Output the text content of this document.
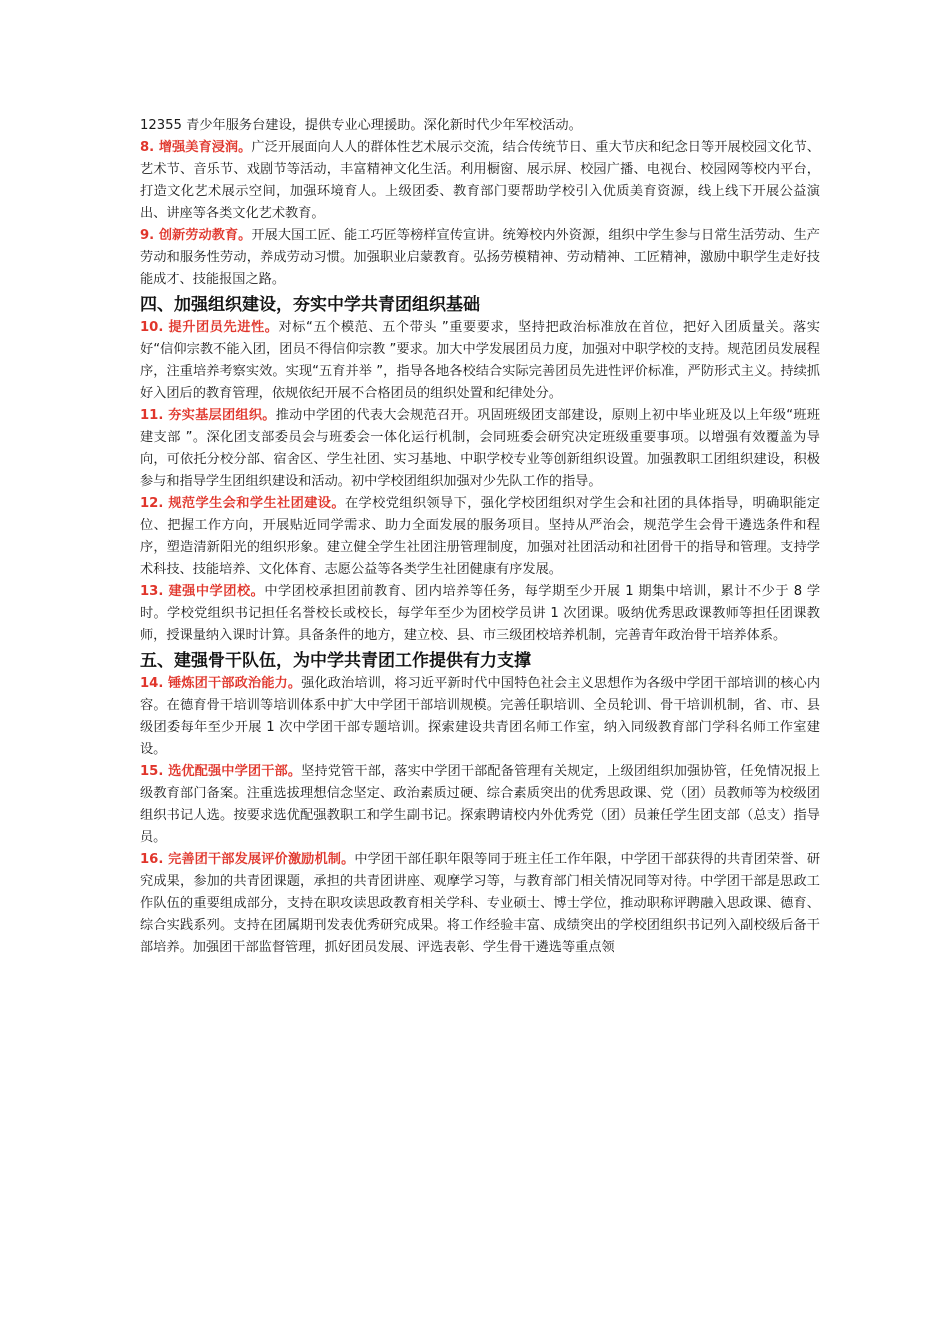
12355 青少年服务台建设，提供专业心理援助。深化新时代少年军校活动。

8. 增强美育浸润。广泛开展面向人人的群体性艺术展示交流，结合传统节日、重大节庆和纪念日等开展校园文化节、艺术节、音乐节、戏剧节等活动，丰富精神文化生活。利用橱窗、展示屏、校园广播、电视台、校园网等校内平台，打造文化艺术展示空间，加强环境育人。上级团委、教育部门要帮助学校引入优质美育资源，线上线下开展公益演出、讲座等各类文化艺术教育。

9. 创新劳动教育。开展大国工匠、能工巧匠等榜样宣传宣讲。统筹校内外资源，组织中学生参与日常生活劳动、生产劳动和服务性劳动，养成劳动习惯。加强职业启蒙教育。弘扬劳模精神、劳动精神、工匠精神，激励中职学生走好技能成才、技能报国之路。

四、加强组织建设，夯实中学共青团组织基础

10. 提升团员先进性。对标“五个模范、五个带头 ”重要要求，坚持把政治标准放在首位，把好入团质量关。落实好“信仰宗教不能入团，团员不得信仰宗教 ”要求。加大中学发展团员力度，加强对中职学校的支持。规范团员发展程序，注重培养考察实效。实现“五育并举 ”，指导各地各校结合实际完善团员先进性评价标准，严防形式主义。持续抓好入团后的教育管理，依规依纪开展不合格团员的组织处置和纪律处分。

11. 夯实基层团组织。推动中学团的代表大会规范召开。巩固班级团支部建设，原则上初中毕业班及以上年级“班班建支部 ”。深化团支部委员会与班委会一体化运行机制，会同班委会研究决定班级重要事项。以增强有效覆盖为导向，可依托分校分部、宿舍区、学生社团、实习基地、中职学校专业等创新组织设置。加强教职工团组织建设，积极参与和指导学生团组织建设和活动。初中学校团组织加强对少先队工作的指导。

12. 规范学生会和学生社团建设。在学校党组织领导下，强化学校团组织对学生会和社团的具体指导，明确职能定位、把握工作方向，开展贴近同学需求、助力全面发展的服务项目。坚持从严治会，规范学生会骨干遴选条件和程序，塑造清新阳光的组织形象。建立健全学生社团注册管理制度，加强对社团活动和社团骨干的指导和管理。支持学术科技、技能培养、文化体育、志愿公益等各类学生社团健康有序发展。

13. 建强中学团校。中学团校承担团前教育、团内培养等任务，每学期至少开展 1 期集中培训，累计不少于 8 学时。学校党组织书记担任名誉校长或校长，每学年至少为团校学员讲 1 次团课。吸纳优秀思政课教师等担任团课教师，授课量纳入课时计算。具备条件的地方，建立校、县、市三级团校培养机制，完善青年政治骨干培养体系。

五、建强骨干队伍，为中学共青团工作提供有力支撑

14. 锤炼团干部政治能力。强化政治培训，将习近平新时代中国特色社会主义思想作为各级中学团干部培训的核心内容。在德育骨干培训等培训体系中扩大中学团干部培训规模。完善任职培训、全员轮训、骨干培训机制，省、市、县级团委每年至少开展 1 次中学团干部专题培训。探索建设共青团名师工作室，纳入同级教育部门学科名师工作室建设。

15. 选优配强中学团干部。坚持党管干部，落实中学团干部配备管理有关规定，上级团组织加强协管，任免情况报上级教育部门备案。注重选拔理想信念坚定、政治素质过硬、综合素质突出的优秀思政课、党（团）员教师等为校级团组织书记人选。按要求选优配强教职工和学生副书记。探索聘请校内外优秀党（团）员兼任学生团支部（总支）指导员。

16. 完善团干部发展评价激励机制。中学团干部任职年限等同于班主任工作年限，中学团干部获得的共青团荣誉、研究成果，参加的共青团课题，承担的共青团讲座、观摩学习等，与教育部门相关情况同等对待。中学团干部是思政工作队伍的重要组成部分，支持在职攻读思政教育相关学科、专业硕士、博士学位，推动职称评聘融入思政课、德育、综合实践系列。支持在团属期刊发表优秀研究成果。将工作经验丰富、成绩突出的学校团组织书记列入副校级后备干部培养。加强团干部监督管理，抓好团员发展、评选表彰、学生骨干遴选等重点领
